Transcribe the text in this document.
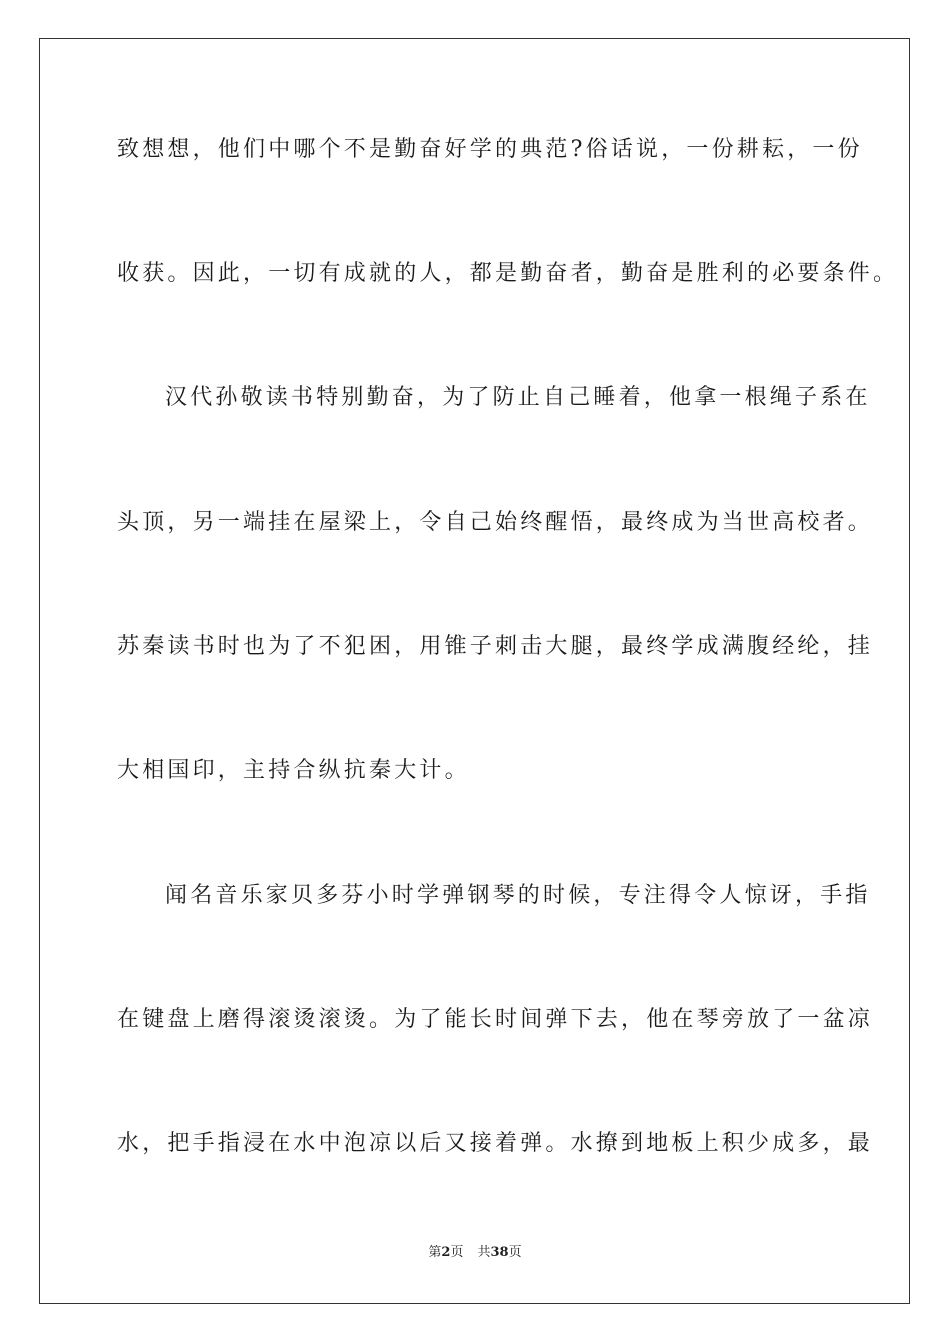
致想想，他们中哪个不是勤奋好学的典范?俗话说，一份耕耘，一份
收获。因此，一切有成就的人，都是勤奋者，勤奋是胜利的必要条件。
汉代孙敬读书特别勤奋，为了防止自己睡着，他拿一根绳子系在
头顶，另一端挂在屋梁上，令自己始终醒悟，最终成为当世高校者。
苏秦读书时也为了不犯困，用锥子刺击大腿，最终学成满腹经纶，挂
大相国印，主持合纵抗秦大计。
闻名音乐家贝多芬小时学弹钢琴的时候，专注得令人惊讶，手指
在键盘上磨得滚烫滚烫。为了能长时间弹下去，他在琴旁放了一盆凉
水，把手指浸在水中泡凉以后又接着弹。水撩到地板上积少成多，最
第2页 共38页
